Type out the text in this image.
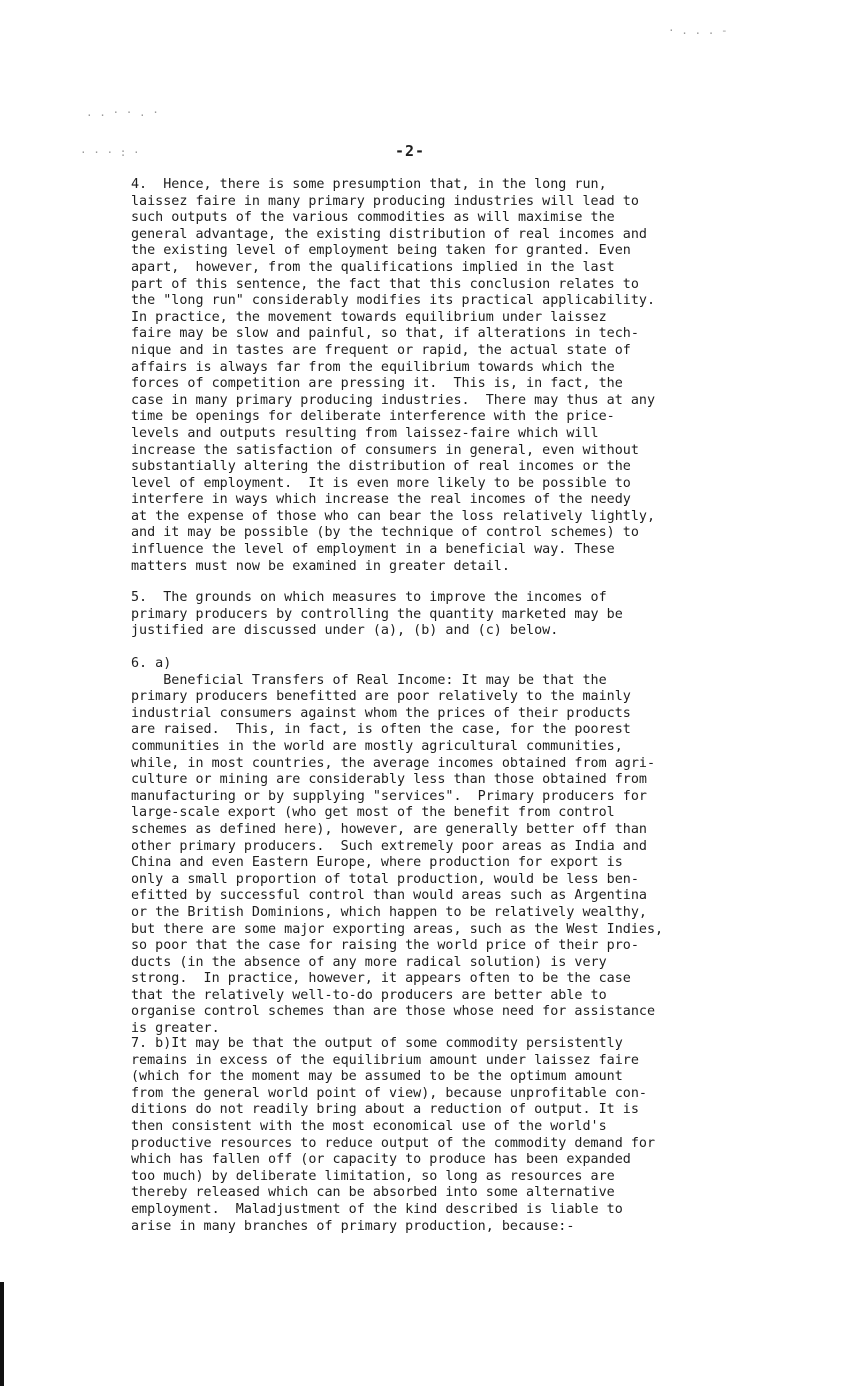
. . · · . ·
· · · : ·
· . . . -
-2-
4.  Hence, there is some presumption that, in the long run,
laissez faire in many primary producing industries will lead to
such outputs of the various commodities as will maximise the
general advantage, the existing distribution of real incomes and
the existing level of employment being taken for granted. Even
apart,  however, from the qualifications implied in the last
part of this sentence, the fact that this conclusion relates to
the "long run" considerably modifies its practical applicability.
In practice, the movement towards equilibrium under laissez
faire may be slow and painful, so that, if alterations in tech-
nique and in tastes are frequent or rapid, the actual state of
affairs is always far from the equilibrium towards which the
forces of competition are pressing it.  This is, in fact, the
case in many primary producing industries.  There may thus at any
time be openings for deliberate interference with the price-
levels and outputs resulting from laissez-faire which will
increase the satisfaction of consumers in general, even without
substantially altering the distribution of real incomes or the
level of employment.  It is even more likely to be possible to
interfere in ways which increase the real incomes of the needy
at the expense of those who can bear the loss relatively lightly,
and it may be possible (by the technique of control schemes) to
influence the level of employment in a beneficial way. These
matters must now be examined in greater detail.
5.  The grounds on which measures to improve the incomes of
primary producers by controlling the quantity marketed may be
justified are discussed under (a), (b) and (c) below.
6. a)
Beneficial Transfers of Real Income: It may be that the
primary producers benefitted are poor relatively to the mainly
industrial consumers against whom the prices of their products
are raised.  This, in fact, is often the case, for the poorest
communities in the world are mostly agricultural communities,
while, in most countries, the average incomes obtained from agri-
culture or mining are considerably less than those obtained from
manufacturing or by supplying "services".  Primary producers for
large-scale export (who get most of the benefit from control
schemes as defined here), however, are generally better off than
other primary producers.  Such extremely poor areas as India and
China and even Eastern Europe, where production for export is
only a small proportion of total production, would be less ben-
efitted by successful control than would areas such as Argentina
or the British Dominions, which happen to be relatively wealthy,
but there are some major exporting areas, such as the West Indies,
so poor that the case for raising the world price of their pro-
ducts (in the absence of any more radical solution) is very
strong.  In practice, however, it appears often to be the case
that the relatively well-to-do producers are better able to
organise control schemes than are those whose need for assistance
is greater.
7. b)It may be that the output of some commodity persistently
remains in excess of the equilibrium amount under laissez faire
(which for the moment may be assumed to be the optimum amount
from the general world point of view), because unprofitable con-
ditions do not readily bring about a reduction of output. It is
then consistent with the most economical use of the world's
productive resources to reduce output of the commodity demand for
which has fallen off (or capacity to produce has been expanded
too much) by deliberate limitation, so long as resources are
thereby released which can be absorbed into some alternative
employment.  Maladjustment of the kind described is liable to
arise in many branches of primary production, because:-
